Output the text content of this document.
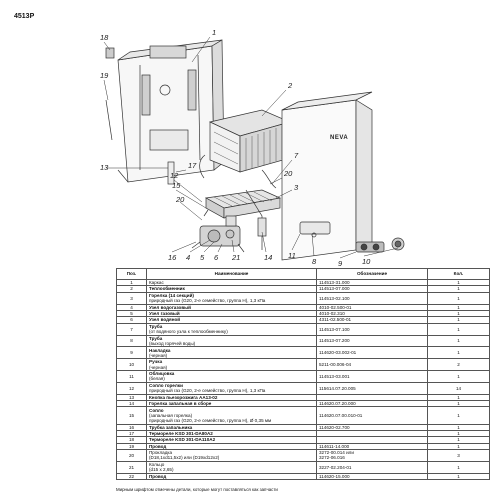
4513P
NEVA
1
2
3
4 5 6
7
8	9	10
11
12
13
14
15
16
17
18
19
20
20
21
Поз.	Наименование	Обозначение	Кол.
1	Каркас	114513-31.000	1
2	Теплообменник	114513-07.000	1
3	Горелка (14 секций)
природный газ (G20, 2-е семейство, группа H), 1,3 кПа	114513-02.100	1
4	Узел водогазовый	4010-02.500-01	1
5	Узел газовый	4010-02.310	1
6	Узел водяной	4311-02.500-01	1
7	Труба
(от водяного узла к теплообменнику)	114513-07.100	1
8	Труба
(выход горячей воды)	114513-07.200	1
9	Накладка
(черная)	114620-03.002-01	1
10	Ручка
(черная)	5211-00.006-04	2
11	Облицовка
(белая)	114513-03.001	1
12	Сопло горелки
природный газ (G20, 2-е семейство, группа H), 1,3 кПа	115614.07.20.005	14
13	Кнопка пьезорозжига АА13-02		1
14	Горелка запальная в сборе	114620.07.20.000	1
15	Сопло
(запальная горелка)
природный газ (G20, 2-е семейство, группа H), Ø 0,35 мм	114620.07.00.010-01	1
16	Трубка запальника	114620-02.700	1
17	Термореле KSD 301-DA80A2		1
18	Термореле KSD 301-DA110A2		1
19	Провод	114611-14.000	1
20	Прокладка
(D18,1хd11,5х2) или (D19хd12х2)	3272-00.014 или
3272-06.016	3
21	Кольцо
(d15 x 2,65)	3227-02.204-01	1
22	Провод	114620-15.000	1
Мирным шрифтом отмечены детали, которые могут поставляться как запчасти
